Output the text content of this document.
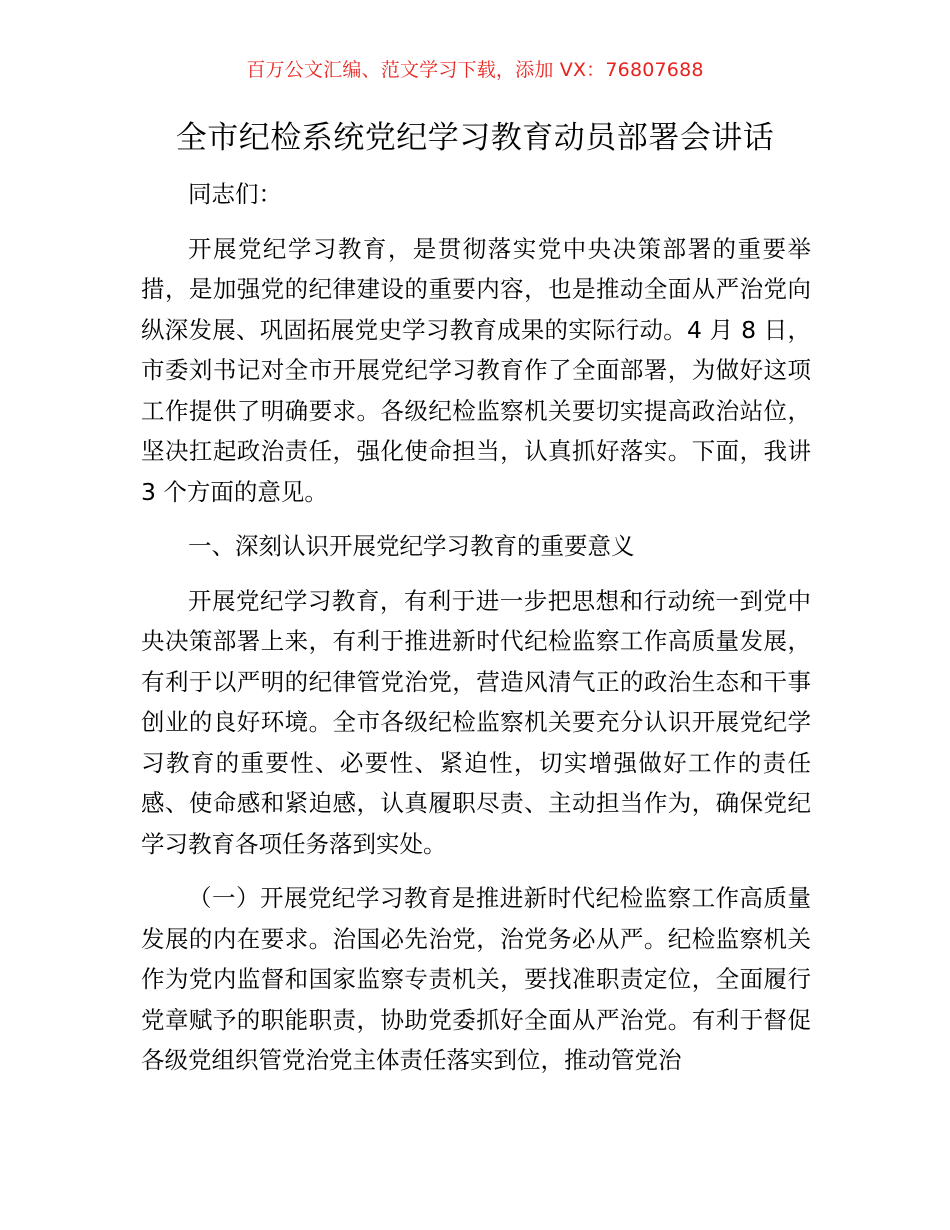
百万公文汇编、范文学习下载，添加 VX：76807688
全市纪检系统党纪学习教育动员部署会讲话

同志们：

开展党纪学习教育，是贯彻落实党中央决策部署的重要举措，是加强党的纪律建设的重要内容，也是推动全面从严治党向纵深发展、巩固拓展党史学习教育成果的实际行动。4 月 8 日，市委刘书记对全市开展党纪学习教育作了全面部署，为做好这项工作提供了明确要求。各级纪检监察机关要切实提高政治站位，坚决扛起政治责任，强化使命担当，认真抓好落实。下面，我讲 3 个方面的意见。

一、深刻认识开展党纪学习教育的重要意义

开展党纪学习教育，有利于进一步把思想和行动统一到党中央决策部署上来，有利于推进新时代纪检监察工作高质量发展，有利于以严明的纪律管党治党，营造风清气正的政治生态和干事创业的良好环境。全市各级纪检监察机关要充分认识开展党纪学习教育的重要性、必要性、紧迫性，切实增强做好工作的责任感、使命感和紧迫感，认真履职尽责、主动担当作为，确保党纪学习教育各项任务落到实处。

（一）开展党纪学习教育是推进新时代纪检监察工作高质量发展的内在要求。治国必先治党，治党务必从严。纪检监察机关作为党内监督和国家监察专责机关，要找准职责定位，全面履行党章赋予的职能职责，协助党委抓好全面从严治党。有利于督促各级党组织管党治党主体责任落实到位，推动管党治
